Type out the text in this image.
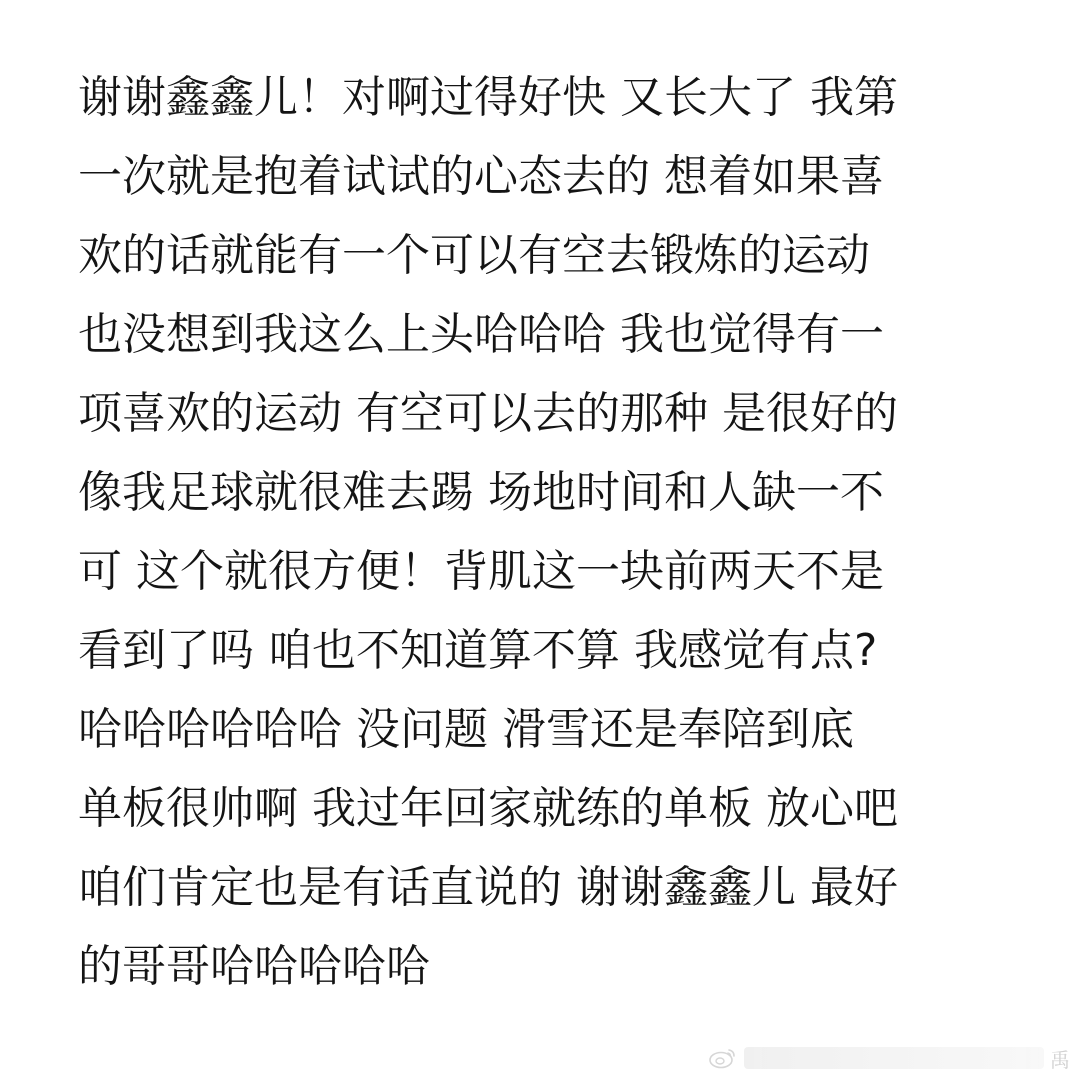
谢谢鑫鑫儿！对啊过得好快 又长大了 我第
一次就是抱着试试的心态去的 想着如果喜
欢的话就能有一个可以有空去锻炼的运动
也没想到我这么上头哈哈哈 我也觉得有一
项喜欢的运动 有空可以去的那种 是很好的
像我足球就很难去踢 场地时间和人缺一不
可 这个就很方便！背肌这一块前两天不是
看到了吗 咱也不知道算不算 我感觉有点?
哈哈哈哈哈哈 没问题 滑雪还是奉陪到底
单板很帅啊 我过年回家就练的单板 放心吧
咱们肯定也是有话直说的 谢谢鑫鑫儿 最好
的哥哥哈哈哈哈哈
禹
